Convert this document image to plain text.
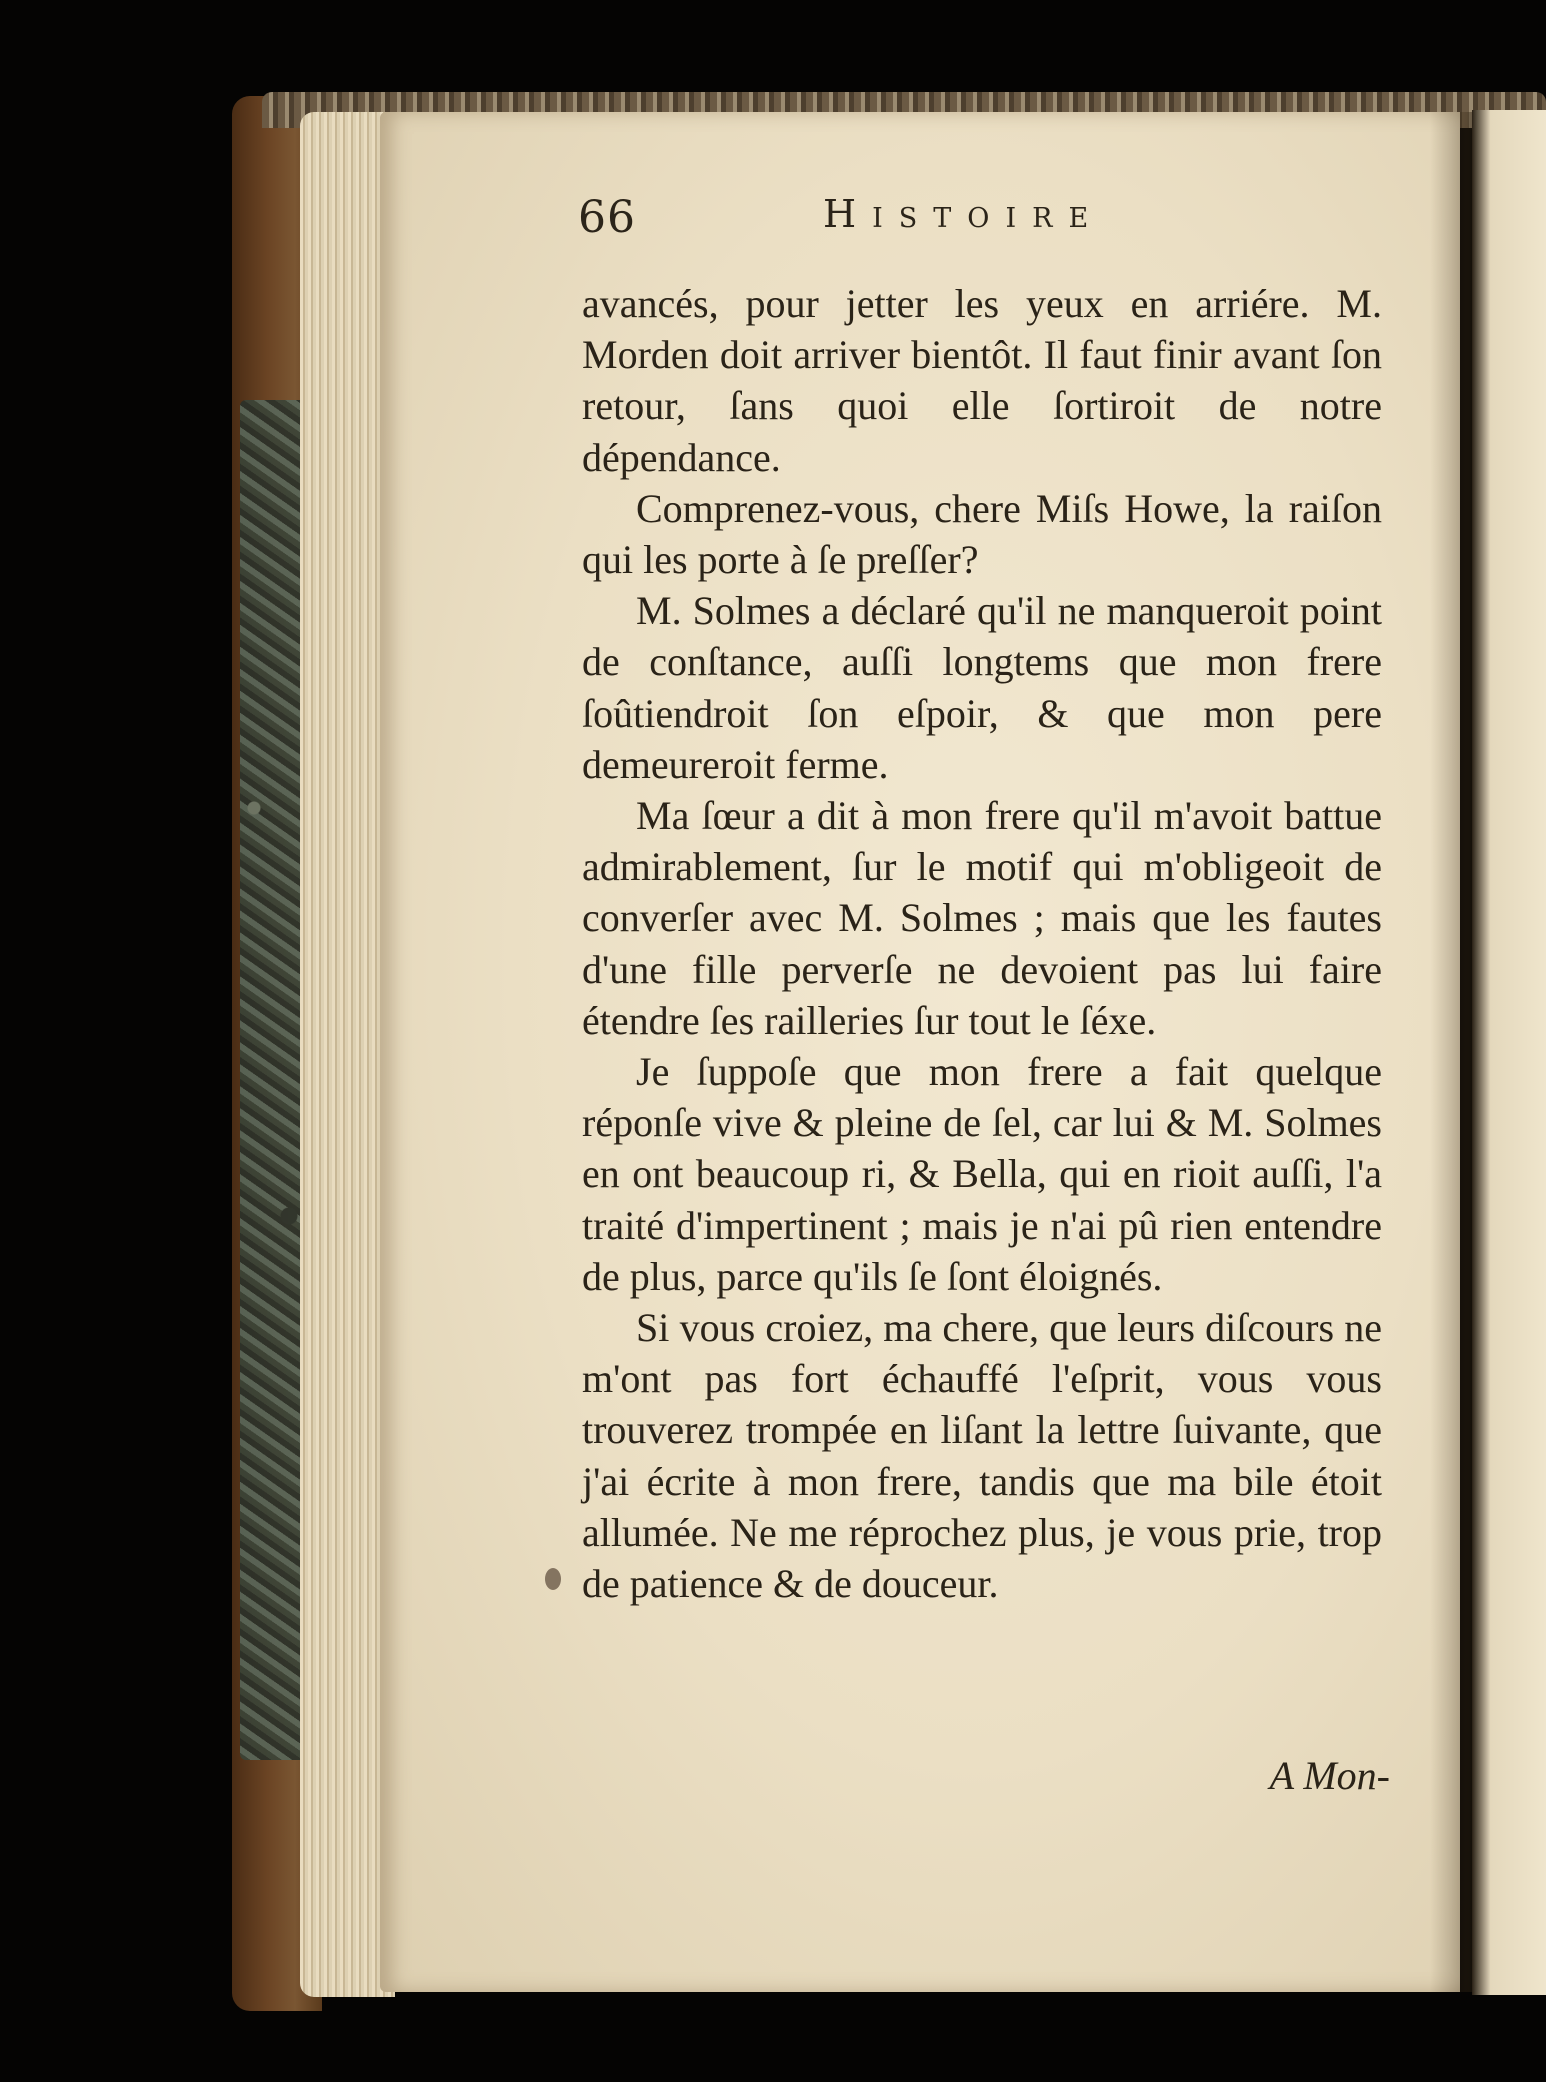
66	Histoire

avancés, pour jetter les yeux en arriére. M. Morden doit arriver bientôt. Il faut finir avant ſon retour, ſans quoi elle ſortiroit de notre dépendance.

Comprenez-vous, chere Miſs Howe, la raiſon qui les porte à ſe preſſer?

M. Solmes a déclaré qu'il ne manqueroit point de conſtance, auſſi longtems que mon frere ſoûtiendroit ſon eſpoir, & que mon pere demeureroit ferme.

Ma ſœur a dit à mon frere qu'il m'avoit battue admirablement, ſur le motif qui m'obligeoit de converſer avec M. Solmes ; mais que les fautes d'une fille perverſe ne devoient pas lui faire étendre ſes railleries ſur tout le ſéxe.

Je ſuppoſe que mon frere a fait quelque réponſe vive & pleine de ſel, car lui & M. Solmes en ont beaucoup ri, & Bella, qui en rioit auſſi, l'a traité d'impertinent ; mais je n'ai pû rien entendre de plus, parce qu'ils ſe ſont éloignés.

Si vous croiez, ma chere, que leurs diſcours ne m'ont pas fort échauffé l'eſprit, vous vous trouverez trompée en liſant la lettre ſuivante, que j'ai écrite à mon frere, tandis que ma bile étoit allumée. Ne me réprochez plus, je vous prie, trop de patience & de douceur.

A Mon-
